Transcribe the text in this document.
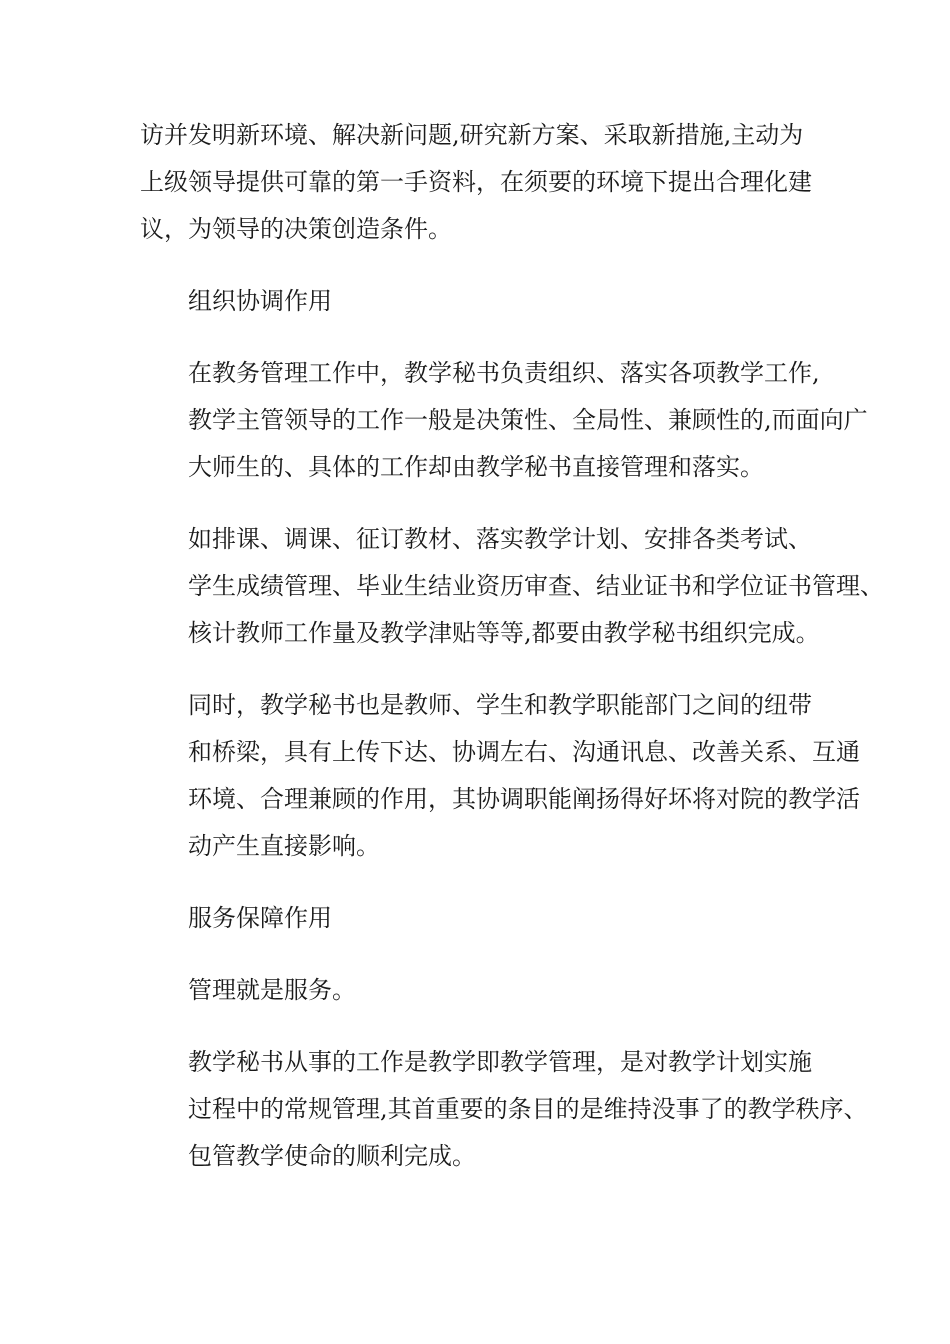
访并发明新环境、解决新问题,研究新方案、采取新措施,主动为
上级领导提供可靠的第一手资料，在须要的环境下提出合理化建
议，为领导的决策创造条件。

组织协调作用

在教务管理工作中，教学秘书负责组织、落实各项教学工作,
教学主管领导的工作一般是决策性、全局性、兼顾性的,而面向广
大师生的、具体的工作却由教学秘书直接管理和落实。

如排课、调课、征订教材、落实教学计划、安排各类考试、
学生成绩管理、毕业生结业资历审查、结业证书和学位证书管理、
核计教师工作量及教学津贴等等,都要由教学秘书组织完成。

同时，教学秘书也是教师、学生和教学职能部门之间的纽带
和桥梁，具有上传下达、协调左右、沟通讯息、改善关系、互通
环境、合理兼顾的作用，其协调职能阐扬得好坏将对院的教学活
动产生直接影响。

服务保障作用

管理就是服务。

教学秘书从事的工作是教学即教学管理，是对教学计划实施
过程中的常规管理,其首重要的条目的是维持没事了的教学秩序、
包管教学使命的顺利完成。
